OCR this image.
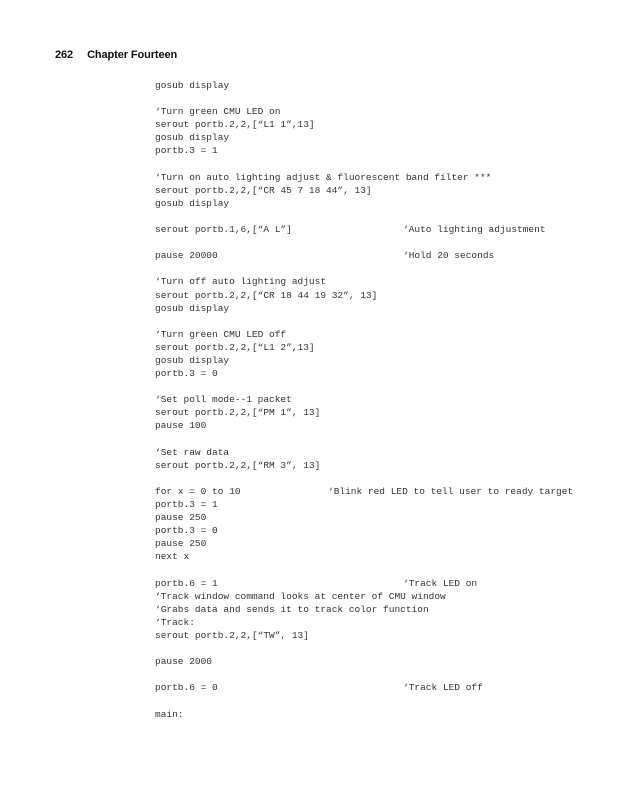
262 Chapter Fourteen
gosub display
‘Turn green CMU LED on
serout portb.2,2,[“L1 1”,13]
gosub display
portb.3 = 1
‘Turn on auto lighting adjust & fluorescent band filter ***
serout portb.2,2,[“CR 45 7 18 44”, 13]
gosub display
serout portb.1,6,[“A L”]	‘Auto lighting adjustment
pause 20000	‘Hold 20 seconds
‘Turn off auto lighting adjust
serout portb.2,2,[“CR 18 44 19 32”, 13]
gosub display
‘Turn green CMU LED off
serout portb.2,2,[“L1 2”,13]
gosub display
portb.3 = 0
‘Set poll mode--1 packet
serout portb.2,2,[“PM 1”, 13]
pause 100
‘Set raw data
serout portb.2,2,[“RM 3”, 13]
for x = 0 to 10	‘Blink red LED to tell user to ready target
portb.3 = 1
pause 250
portb.3 = 0
pause 250
next x
portb.6 = 1	‘Track LED on
‘Track window command looks at center of CMU window
‘Grabs data and sends it to track color function
‘Track:
serout portb.2,2,[“TW”, 13]
pause 2000
portb.6 = 0	‘Track LED off
main:
